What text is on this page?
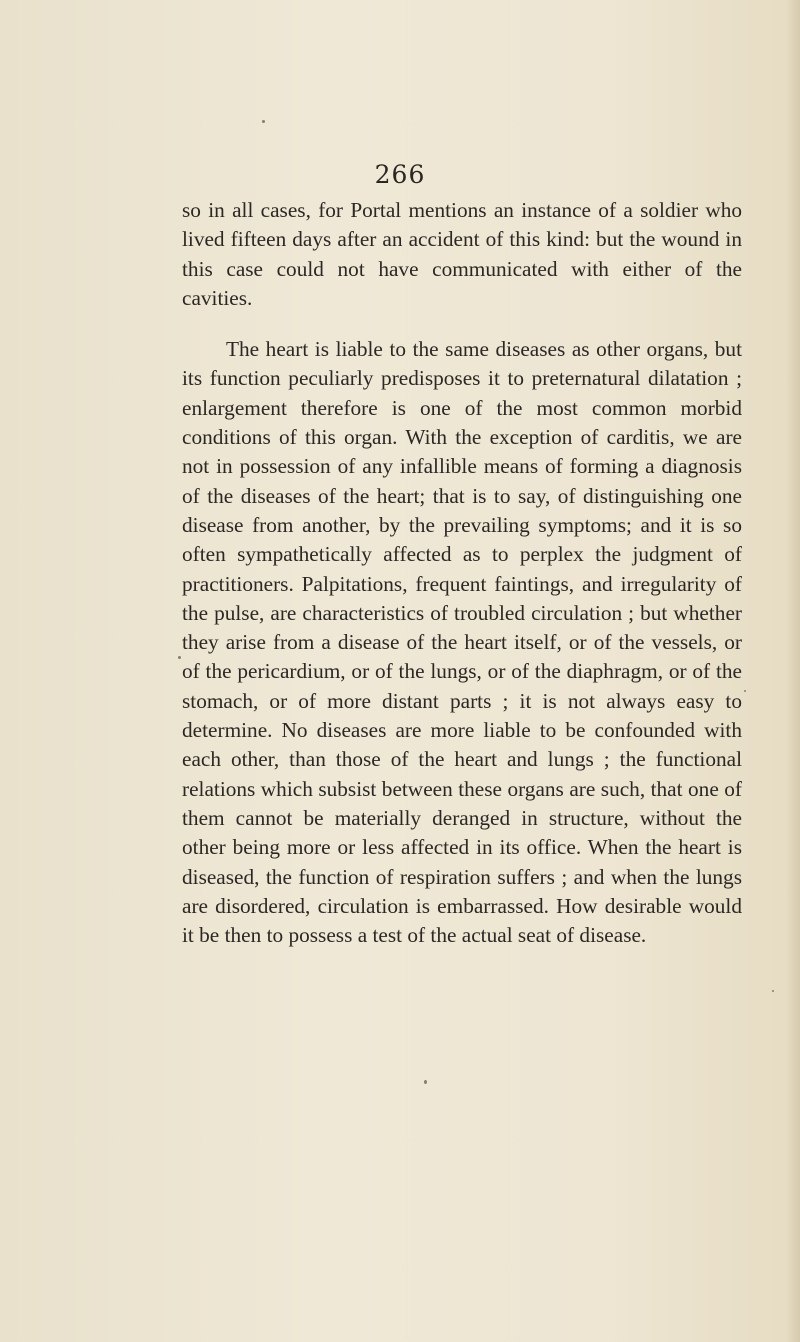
266

so in all cases, for Portal mentions an instance of a soldier who lived fifteen days after an accident of this kind: but the wound in this case could not have communicated with either of the cavities.

The heart is liable to the same diseases as other organs, but its function peculiarly predisposes it to preternatural dilatation ; enlargement therefore is one of the most common morbid conditions of this organ. With the exception of carditis, we are not in possession of any infallible means of forming a diagnosis of the diseases of the heart; that is to say, of distinguishing one disease from another, by the prevailing symptoms; and it is so often sympathetically affected as to perplex the judgment of practitioners. Palpitations, frequent faintings, and irregularity of the pulse, are characteristics of troubled circulation ; but whether they arise from a disease of the heart itself, or of the vessels, or of the pericardium, or of the lungs, or of the diaphragm, or of the stomach, or of more distant parts ; it is not always easy to determine. No diseases are more liable to be confounded with each other, than those of the heart and lungs ; the functional relations which subsist between these organs are such, that one of them cannot be materially deranged in structure, without the other being more or less affected in its office. When the heart is diseased, the function of respiration suffers ; and when the lungs are disordered, circulation is embarrassed. How desirable would it be then to possess a test of the actual seat of disease.
